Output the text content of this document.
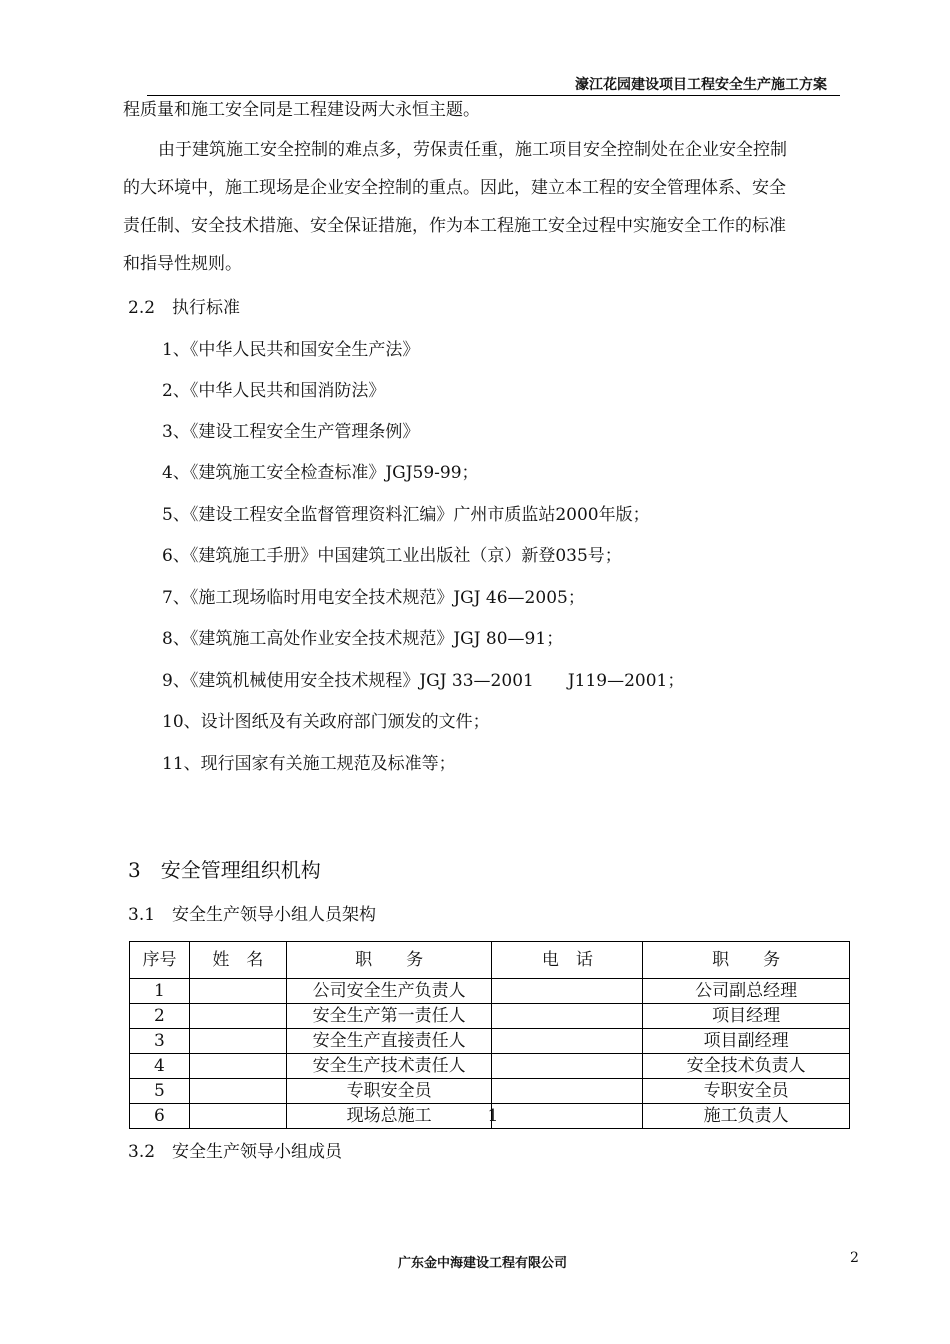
濠江花园建设项目工程安全生产施工方案
程质量和施工安全同是工程建设两大永恒主题。
由于建筑施工安全控制的难点多，劳保责任重，施工项目安全控制处在企业安全控制
的大环境中，施工现场是企业安全控制的重点。因此，建立本工程的安全管理体系、安全
责任制、安全技术措施、安全保证措施，作为本工程施工安全过程中实施安全工作的标准
和指导性规则。
2.2　执行标准
1、《中华人民共和国安全生产法》
2、《中华人民共和国消防法》
3、《建设工程安全生产管理条例》
4、《建筑施工安全检查标准》JGJ59-99；
5、《建设工程安全监督管理资料汇编》广州市质监站2000年版；
6、《建筑施工手册》中国建筑工业出版社（京）新登035号；
7、《施工现场临时用电安全技术规范》JGJ 46—2005；
8、《建筑施工高处作业安全技术规范》JGJ 80—91；
9、《建筑机械使用安全技术规程》JGJ 33—2001　　J119—2001；
10、设计图纸及有关政府部门颁发的文件；
11、现行国家有关施工规范及标准等；
3　安全管理组织机构
3.1　安全生产领导小组人员架构
序号	姓　名	职　　务	电　话	职　　务
1		公司安全生产负责人		公司副总经理
2		安全生产第一责任人		项目经理
3		安全生产直接责任人		项目副经理
4		安全生产技术责任人		安全技术负责人
5		专职安全员		专职安全员
6		现场总施工	1	施工负责人
3.2　安全生产领导小组成员
广东金中海建设工程有限公司	2
